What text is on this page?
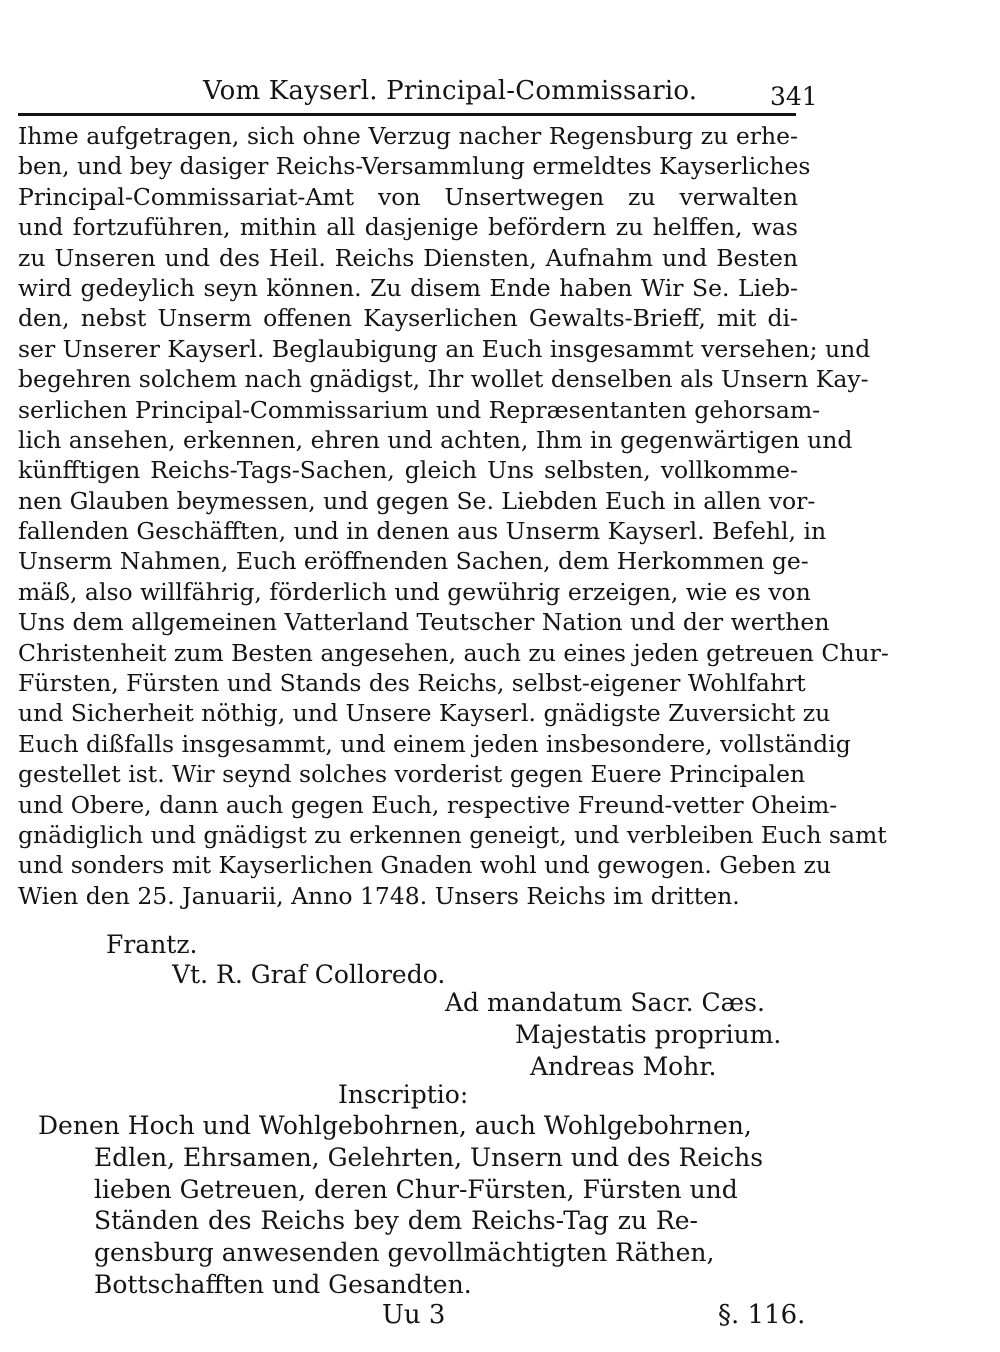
Vom Kayserl. Principal-Commissario.	341
Ihme aufgetragen, sich ohne Verzug nacher Regensburg zu erhe-
ben, und bey dasiger Reichs-Versammlung ermeldtes Kayserliches
Principal-Commissariat-Amt von Unsertwegen zu verwalten
und fortzuführen, mithin all dasjenige befördern zu helffen, was
zu Unseren und des Heil. Reichs Diensten, Aufnahm und Besten
wird gedeylich seyn können. Zu disem Ende haben Wir Se. Lieb-
den, nebst Unserm offenen Kayserlichen Gewalts-Brieff, mit di-
ser Unserer Kayserl. Beglaubigung an Euch insgesammt versehen; und
begehren solchem nach gnädigst, Ihr wollet denselben als Unsern Kay-
serlichen Principal-Commissarium und Repræsentanten gehorsam-
lich ansehen, erkennen, ehren und achten, Ihm in gegenwärtigen und
künfftigen Reichs-Tags-Sachen, gleich Uns selbsten, vollkomme-
nen Glauben beymessen, und gegen Se. Liebden Euch in allen vor-
fallenden Geschäfften, und in denen aus Unserm Kayserl. Befehl, in
Unserm Nahmen, Euch eröffnenden Sachen, dem Herkommen ge-
mäß, also willfährig, förderlich und gewührig erzeigen, wie es von
Uns dem allgemeinen Vatterland Teutscher Nation und der werthen
Christenheit zum Besten angesehen, auch zu eines jeden getreuen Chur-
Fürsten, Fürsten und Stands des Reichs, selbst-eigener Wohlfahrt
und Sicherheit nöthig, und Unsere Kayserl. gnädigste Zuversicht zu
Euch dißfalls insgesammt, und einem jeden insbesondere, vollständig
gestellet ist. Wir seynd solches vorderist gegen Euere Principalen
und Obere, dann auch gegen Euch, respective Freund-vetter Oheim-
gnädiglich und gnädigst zu erkennen geneigt, und verbleiben Euch samt
und sonders mit Kayserlichen Gnaden wohl und gewogen. Geben zu
Wien den 25. Januarii, Anno 1748. Unsers Reichs im dritten.
Frantz.
Vt. R. Graf Colloredo.
Ad mandatum Sacr. Cæs.
Majestatis proprium.
Andreas Mohr.
Inscriptio:
Denen Hoch und Wohlgebohrnen, auch Wohlgebohrnen,
Edlen, Ehrsamen, Gelehrten, Unsern und des Reichs
lieben Getreuen, deren Chur-Fürsten, Fürsten und
Ständen des Reichs bey dem Reichs-Tag zu Re-
gensburg anwesenden gevollmächtigten Räthen,
Bottschafften und Gesandten.
Uu 3	§. 116.
